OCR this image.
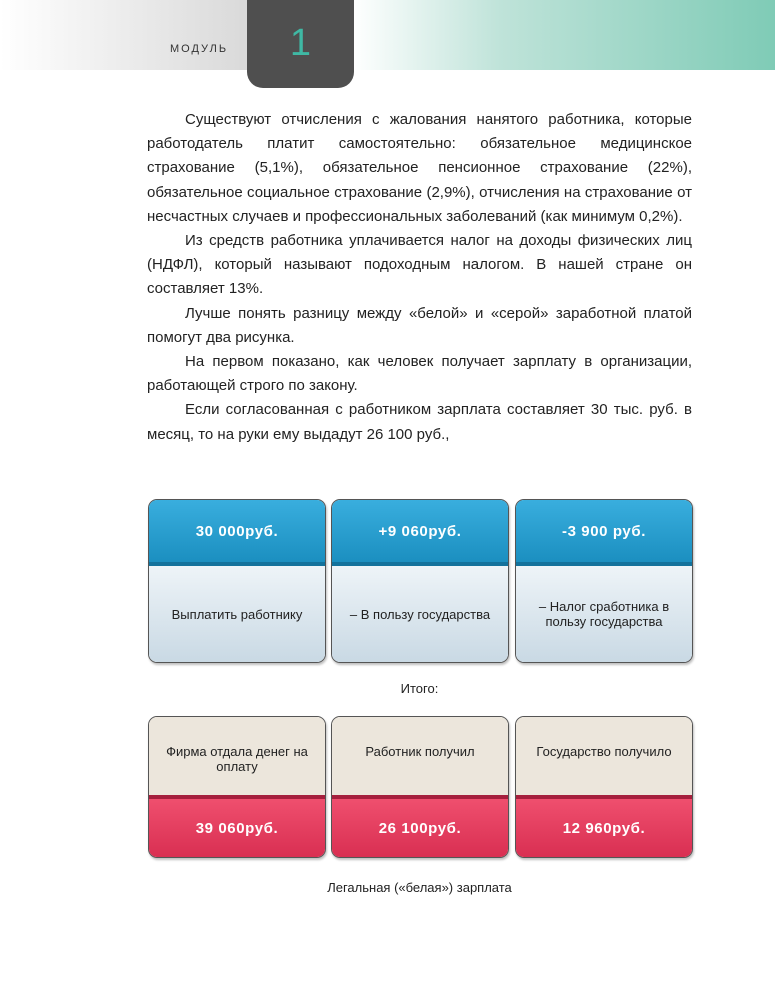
МОДУЛЬ	1

Существуют отчисления с жалования нанятого работника, которые работодатель платит самостоятельно: обязательное медицинское страхование (5,1%), обязательное пенсионное страхование (22%), обязательное социальное страхование (2,9%), отчисления на страхование от несчастных случаев и профессиональных заболеваний (как минимум 0,2%).

Из средств работника уплачивается налог на доходы физических лиц (НДФЛ), который называют подоходным налогом. В нашей стране он составляет 13%.

Лучше понять разницу между «белой» и «серой» заработной платой помогут два рисунка.

На первом показано, как человек получает зарплату в организации, работающей строго по закону.

Если согласованная с работником зарплата составляет 30 тыс. руб. в месяц, то на руки ему выдадут 26 100 руб.,

30 000руб.
Выплатить работнику
+9 060руб.
– В пользу государства
-3 900 руб.
– Налог сработника в пользу государства
Итого:
Фирма отдала денег на оплату
39 060руб.
Работник получил
26 100руб.
Государство получило
12 960руб.
Легальная («белая») зарплата
